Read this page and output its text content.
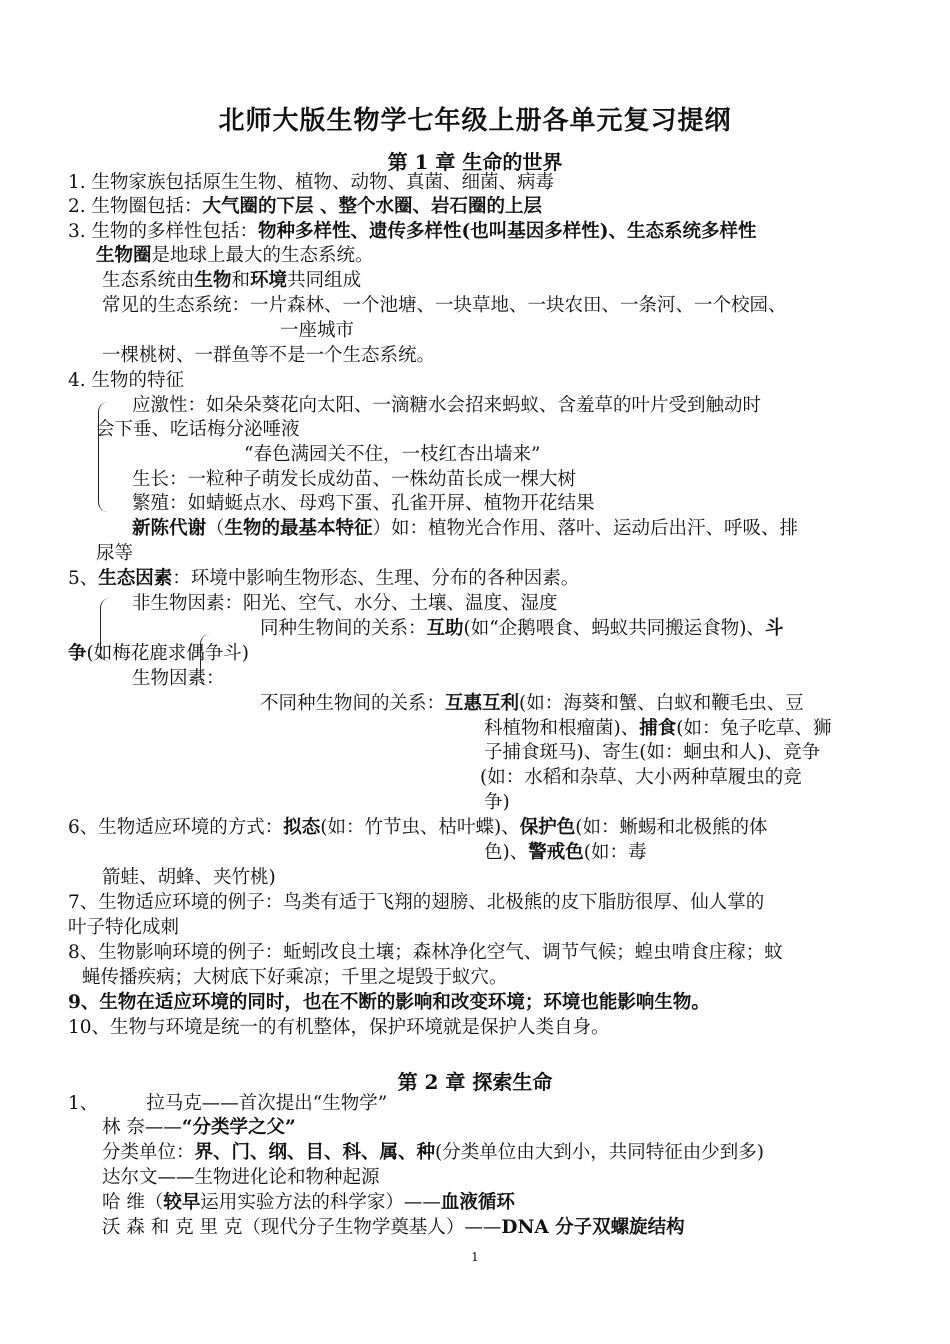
北师大版生物学七年级上册各单元复习提纲
第 1 章 生命的世界
1. 生物家族包括原生生物、植物、动物、真菌、细菌、病毒
2. 生物圈包括：大气圈的下层 、整个水圈、岩石圈的上层
3. 生物的多样性包括：物种多样性、遗传多样性(也叫基因多样性)、生态系统多样性
生物圈是地球上最大的生态系统。
生态系统由生物和环境共同组成
常见的生态系统：一片森林、一个池塘、一块草地、一块农田、一条河、一个校园、
一座城市
一棵桃树、一群鱼等不是一个生态系统。
4. 生物的特征
应激性：如朵朵葵花向太阳、一滴糖水会招来蚂蚁、含羞草的叶片受到触动时
会下垂、吃话梅分泌唾液
“春色满园关不住，一枝红杏出墙来”
生长：一粒种子萌发长成幼苗、一株幼苗长成一棵大树
繁殖：如蜻蜓点水、母鸡下蛋、孔雀开屏、植物开花结果
新陈代谢（生物的最基本特征）如：植物光合作用、落叶、运动后出汗、呼吸、排
尿等
5、生态因素：环境中影响生物形态、生理、分布的各种因素。
非生物因素：阳光、空气、水分、土壤、温度、湿度
同种生物间的关系：互助(如“企鹅喂食、蚂蚁共同搬运食物)、斗
争(如梅花鹿求偶争斗)
生物因素：
不同种生物间的关系：互惠互利(如：海葵和蟹、白蚁和鞭毛虫、豆
科植物和根瘤菌)、捕食(如：兔子吃草、狮
子捕食斑马)、寄生(如：蛔虫和人)、竞争
(如：水稻和杂草、大小两种草履虫的竞
争)
6、生物适应环境的方式：拟态(如：竹节虫、枯叶蝶)、保护色(如：蜥蜴和北极熊的体
色)、警戒色(如：毒
箭蛙、胡蜂、夹竹桃)
7、生物适应环境的例子：鸟类有适于飞翔的翅膀、北极熊的皮下脂肪很厚、仙人掌的
叶子特化成刺
8、生物影响环境的例子：蚯蚓改良土壤；森林净化空气、调节气候；蝗虫啃食庄稼；蚊
蝇传播疾病；大树底下好乘凉；千里之堤毁于蚁穴。
9、生物在适应环境的同时，也在不断的影响和改变环境；环境也能影响生物。
10、生物与环境是统一的有机整体，保护环境就是保护人类自身。
第 2 章 探索生命
1、	拉马克——首次提出“生物学”
林 奈——“分类学之父”
分类单位：界、门、纲、目、科、属、种(分类单位由大到小，共同特征由少到多)
达尔文——生物进化论和物种起源
哈 维（较早运用实验方法的科学家）——血液循环
沃 森 和 克 里 克（现代分子生物学奠基人）——DNA 分子双螺旋结构
1
